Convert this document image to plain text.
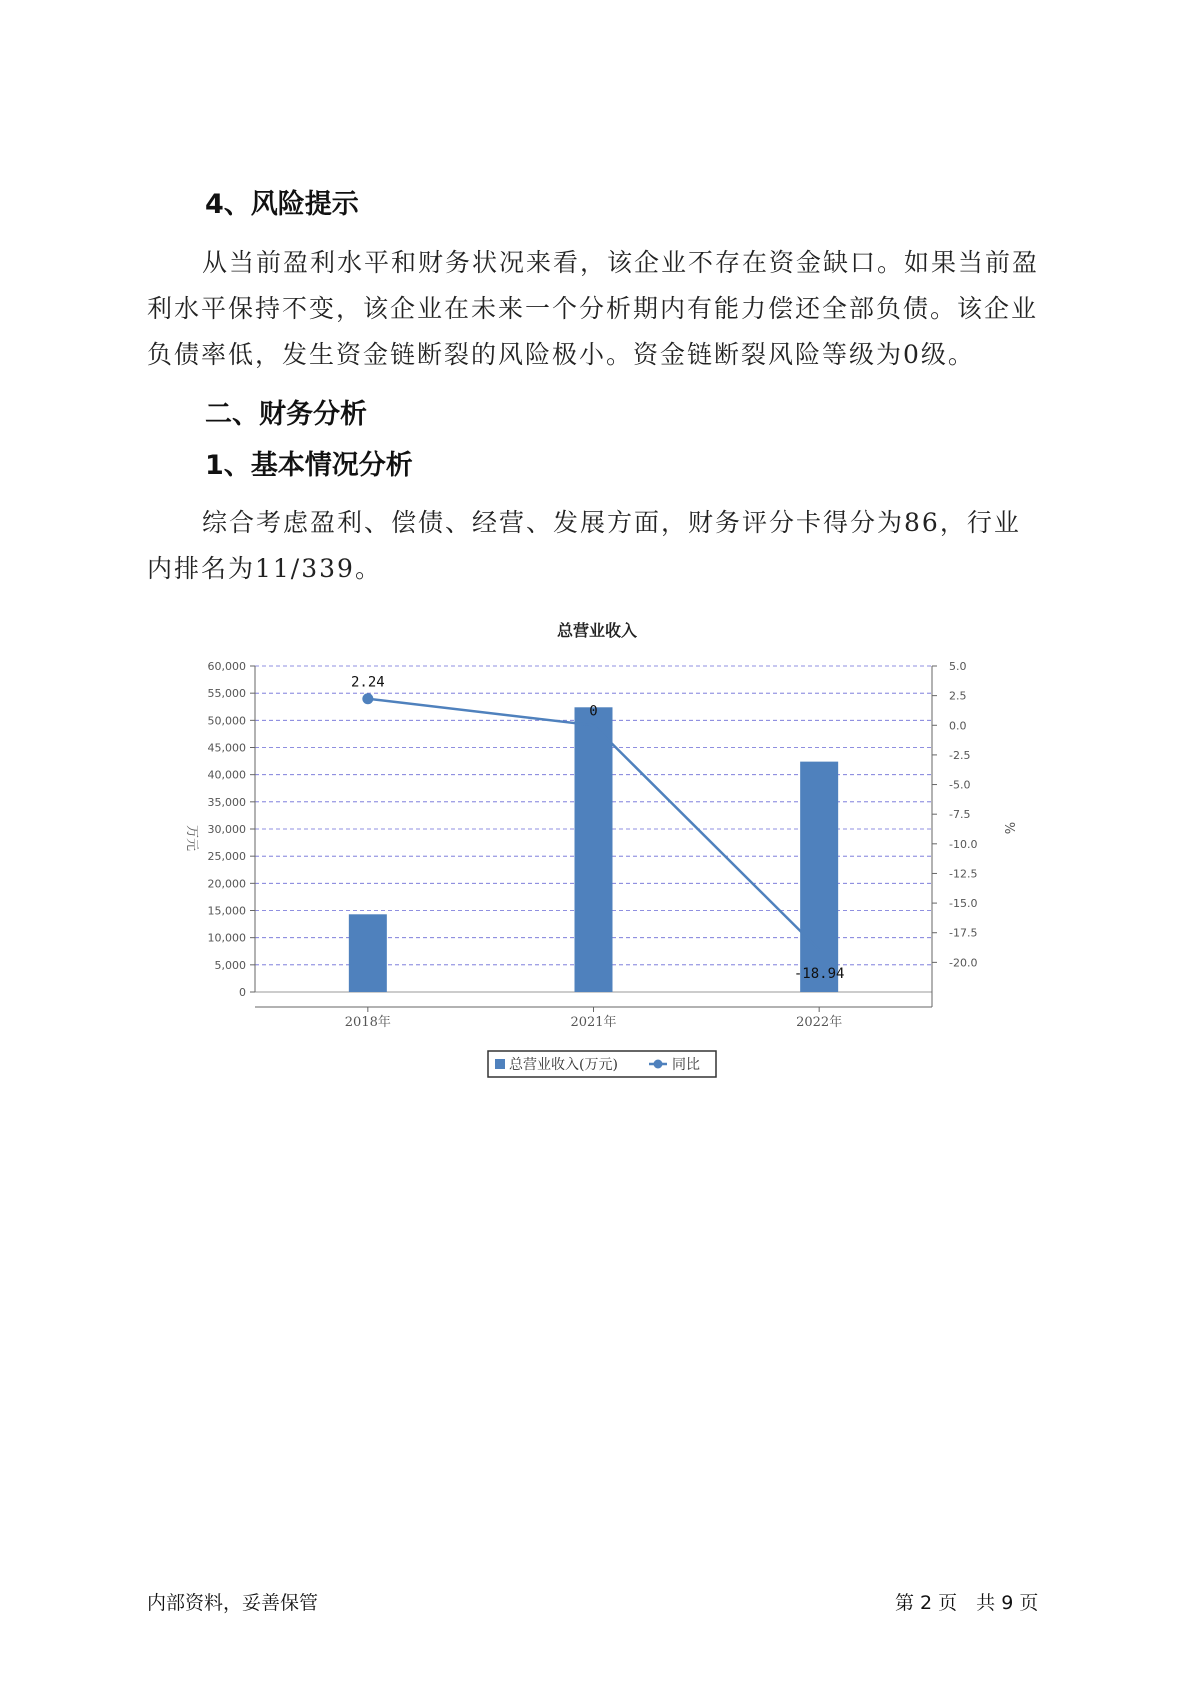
4、风险提示

从当前盈利水平和财务状况来看，该企业不存在资金缺口。如果当前盈利水平保持不变，该企业在未来一个分析期内有能力偿还全部负债。该企业负债率低，发生资金链断裂的风险极小。资金链断裂风险等级为0级。

二、财务分析
1、基本情况分析

综合考虑盈利、偿债、经营、发展方面，财务评分卡得分为86，行业内排名为11/339。

总营业收入
0
5,000
10,000
15,000
20,000
25,000
30,000
35,000
40,000
45,000
50,000
55,000
60,000	5.0
2.5
0.0
-2.5
-5.0
-7.5
-10.0
-12.5
-15.0
-17.5
-20.0
2.24
0
-18.94
2018年	2021年	2022年
万元	%
总营业收入(万元)	同比
内部资料，妥善保管	第 2 页　共 9 页
